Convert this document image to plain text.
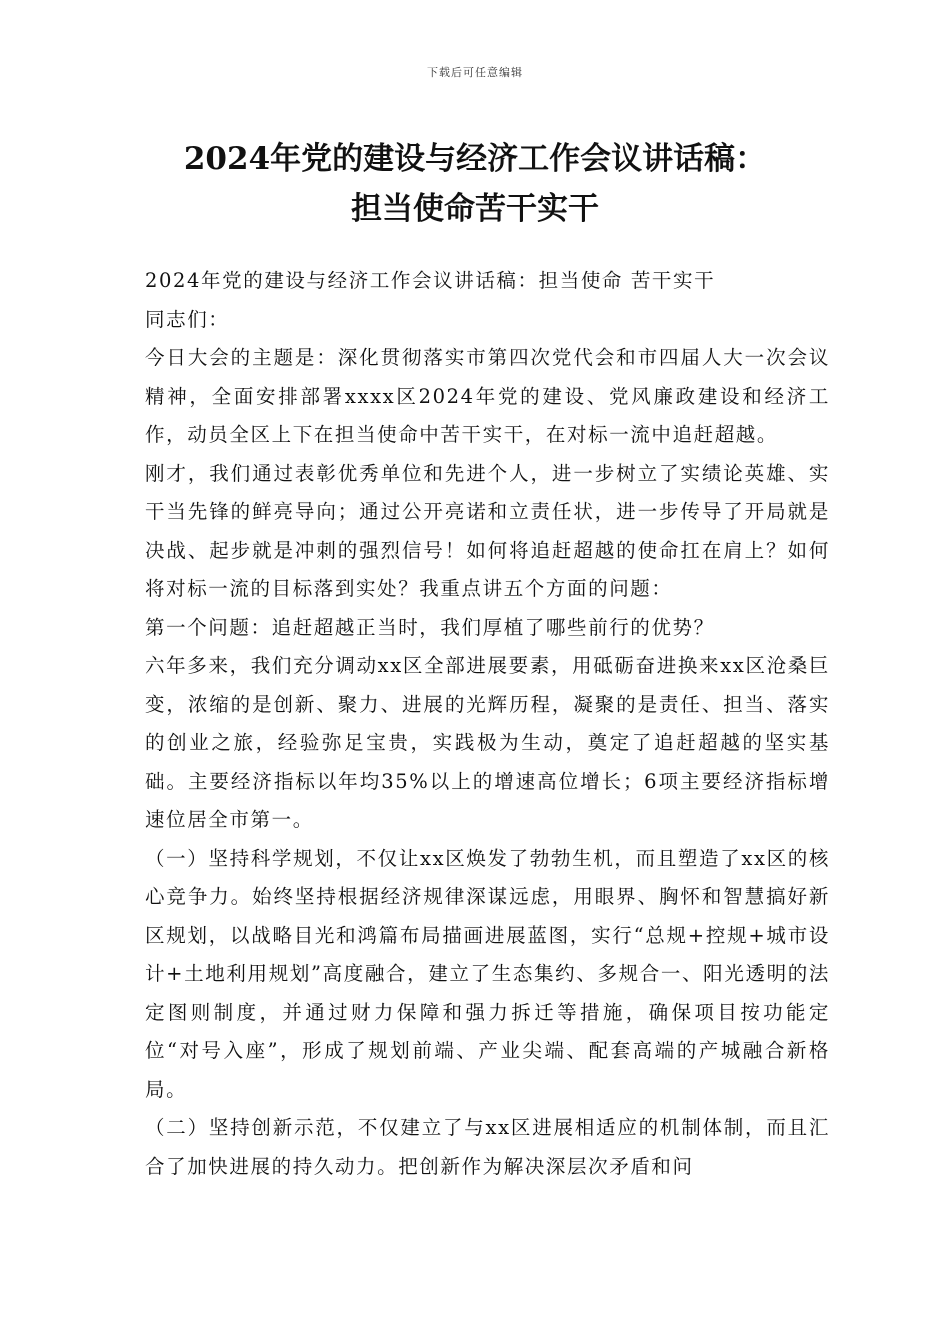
下载后可任意编辑
2024年党的建设与经济工作会议讲话稿：
担当使命苦干实干

2024年党的建设与经济工作会议讲话稿：担当使命 苦干实干

同志们：

今日大会的主题是：深化贯彻落实市第四次党代会和市四届人大一次会议精神，全面安排部署xxxx区2024年党的建设、党风廉政建设和经济工作，动员全区上下在担当使命中苦干实干，在对标一流中追赶超越。

刚才，我们通过表彰优秀单位和先进个人，进一步树立了实绩论英雄、实干当先锋的鲜亮导向；通过公开亮诺和立责任状，进一步传导了开局就是决战、起步就是冲刺的强烈信号！如何将追赶超越的使命扛在肩上？如何将对标一流的目标落到实处？我重点讲五个方面的问题：

第一个问题：追赶超越正当时，我们厚植了哪些前行的优势？

六年多来，我们充分调动xx区全部进展要素，用砥砺奋进换来xx区沧桑巨变，浓缩的是创新、聚力、进展的光辉历程，凝聚的是责任、担当、落实的创业之旅，经验弥足宝贵，实践极为生动，奠定了追赶超越的坚实基础。主要经济指标以年均35%以上的增速高位增长；6项主要经济指标增速位居全市第一。

（一）坚持科学规划，不仅让xx区焕发了勃勃生机，而且塑造了xx区的核心竞争力。始终坚持根据经济规律深谋远虑，用眼界、胸怀和智慧搞好新区规划，以战略目光和鸿篇布局描画进展蓝图，实行“总规+控规+城市设计+土地利用规划”高度融合，建立了生态集约、多规合一、阳光透明的法定图则制度，并通过财力保障和强力拆迁等措施，确保项目按功能定位“对号入座”，形成了规划前端、产业尖端、配套高端的产城融合新格局。

（二）坚持创新示范，不仅建立了与xx区进展相适应的机制体制，而且汇合了加快进展的持久动力。把创新作为解决深层次矛盾和问
